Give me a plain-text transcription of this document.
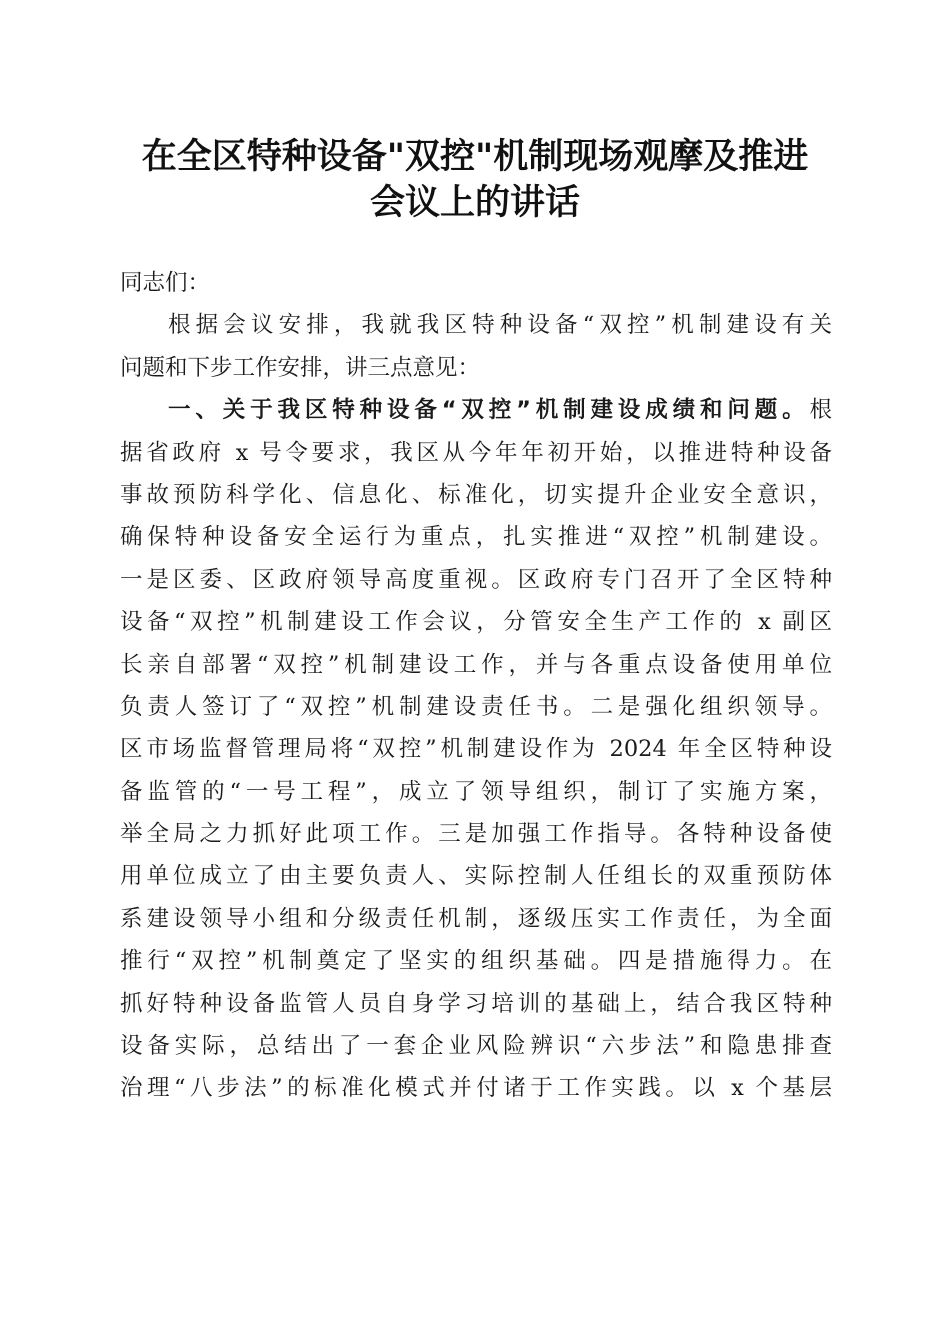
在全区特种设备"双控"机制现场观摩及推进
会议上的讲话
同志们：
根据会议安排，我就我区特种设备“双控”机制建设有关
问题和下步工作安排，讲三点意见：
一、关于我区特种设备“双控”机制建设成绩和问题。根
据省政府 x 号令要求，我区从今年年初开始，以推进特种设备
事故预防科学化、信息化、标准化，切实提升企业安全意识，
确保特种设备安全运行为重点，扎实推进“双控”机制建设。
一是区委、区政府领导高度重视。区政府专门召开了全区特种
设备“双控”机制建设工作会议，分管安全生产工作的 x 副区
长亲自部署“双控”机制建设工作，并与各重点设备使用单位
负责人签订了“双控”机制建设责任书。二是强化组织领导。
区市场监督管理局将“双控”机制建设作为 2024 年全区特种设
备监管的“一号工程”，成立了领导组织，制订了实施方案，
举全局之力抓好此项工作。三是加强工作指导。各特种设备使
用单位成立了由主要负责人、实际控制人任组长的双重预防体
系建设领导小组和分级责任机制，逐级压实工作责任，为全面
推行“双控”机制奠定了坚实的组织基础。四是措施得力。在
抓好特种设备监管人员自身学习培训的基础上，结合我区特种
设备实际，总结出了一套企业风险辨识“六步法”和隐患排查
治理“八步法”的标准化模式并付诸于工作实践。以 x 个基层
